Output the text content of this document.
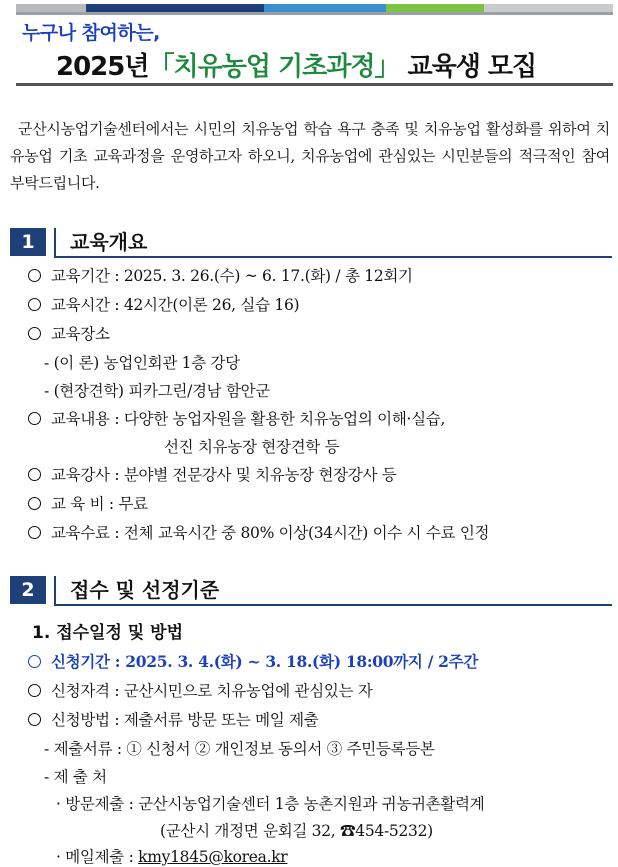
누구나 참여하는,
2025년「치유농업 기초과정」 교육생 모집
군산시농업기술센터에서는 시민의 치유농업 학습 욕구 충족 및 치유농업 활성화를 위하여 치유농업 기초 교육과정을 운영하고자 하오니, 치유농업에 관심있는 시민분들의 적극적인 참여 부탁드립니다.
1	교육개요
교육기간 : 2025. 3. 26.(수) ~ 6. 17.(화) / 총 12회기
교육시간 : 42시간(이론 26, 실습 16)
교육장소
- (이 론) 농업인회관 1층 강당
- (현장견학) 피카그린/경남 함안군
교육내용 : 다양한 농업자원을 활용한 치유농업의 이해·실습,
선진 치유농장 현장견학 등
교육강사 : 분야별 전문강사 및 치유농장 현장강사 등
교 육 비 : 무료
교육수료 : 전체 교육시간 중 80% 이상(34시간) 이수 시 수료 인정
2	접수 및 선정기준
1. 접수일정 및 방법
신청기간 : 2025. 3. 4.(화) ~ 3. 18.(화) 18:00까지 / 2주간
신청자격 : 군산시민으로 치유농업에 관심있는 자
신청방법 : 제출서류 방문 또는 메일 제출
- 제출서류 : ① 신청서 ② 개인정보 동의서 ③ 주민등록등본
- 제 출 처
· 방문제출 : 군산시농업기술센터 1층 농촌지원과 귀농귀촌활력계
(군산시 개정면 운회길 32, ☎454-5232)
· 메일제출 : kmy1845@korea.kr
